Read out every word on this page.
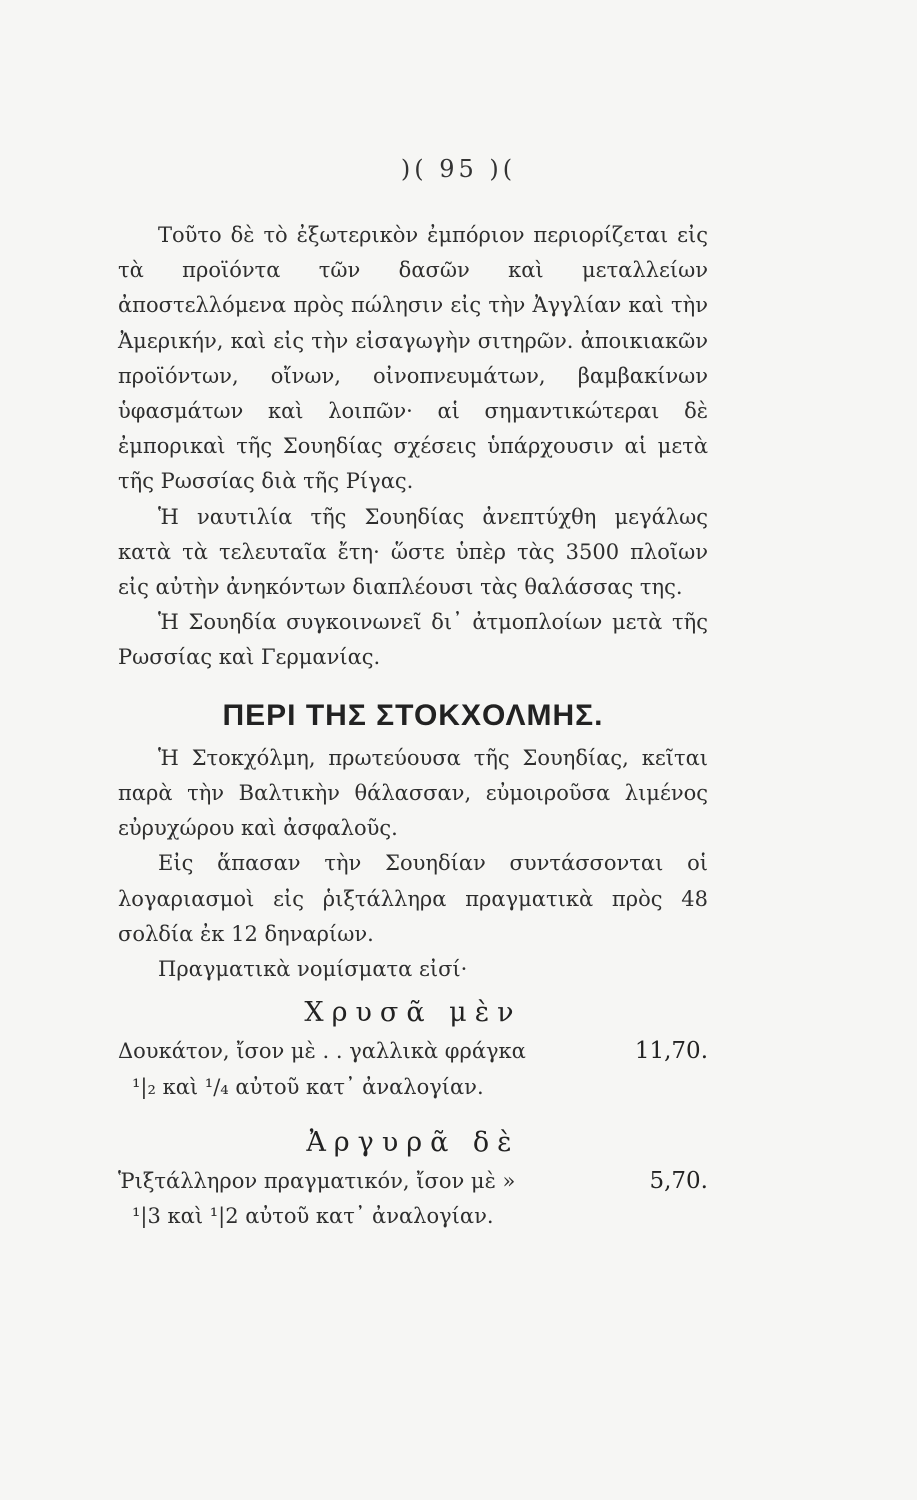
)( 95 )(

Τοῦτο δὲ τὸ ἐξωτερικὸν ἐμπόριον περιορίζεται εἰς τὰ προϊόντα τῶν δασῶν καὶ μεταλλείων ἀποστελλόμενα πρὸς πώλησιν εἰς τὴν Ἀγγλίαν καὶ τὴν Ἀμερικήν, καὶ εἰς τὴν εἰσαγωγὴν σιτηρῶν. ἀποικιακῶν προϊόντων, οἴνων, οἰνοπνευμάτων, βαμβακίνων ὑφασμάτων καὶ λοιπῶν· αἱ σημαντικώτεραι δὲ ἐμπορικαὶ τῆς Σουηδίας σχέσεις ὑπάρχουσιν αἱ μετὰ τῆς Ρωσσίας διὰ τῆς Ρίγας.

Ἡ ναυτιλία τῆς Σουηδίας ἀνεπτύχθη μεγάλως κατὰ τὰ τελευταῖα ἔτη· ὥστε ὑπὲρ τὰς 3500 πλοῖων εἰς αὐτὴν ἀνηκόντων διαπλέουσι τὰς θαλάσσας της.

Ἡ Σουηδία συγκοινωνεῖ δι᾽ ἀτμοπλοίων μετὰ τῆς Ρωσσίας καὶ Γερμανίας.

ΠΕΡΙ ΤΗΣ ΣΤΟΚΧΟΛΜΗΣ.

Ἡ Στοκχόλμη, πρωτεύουσα τῆς Σουηδίας, κεῖται παρὰ τὴν Βαλτικὴν θάλασσαν, εὐμοιροῦσα λιμένος εὐρυχώρου καὶ ἀσφαλοῦς.

Εἰς ἅπασαν τὴν Σουηδίαν συντάσσονται οἱ λογαριασμοὶ εἰς ῥιξτάλληρα πραγματικὰ πρὸς 48 σολδία ἐκ 12 δηναρίων.

Πραγματικὰ νομίσματα εἰσί·

Χρυσᾶ μὲν
Δουκάτον, ἴσον μὲ . . γαλλικὰ φράγκα	11,70.
¹|₂ καὶ ¹/₄ αὐτοῦ κατ᾽ ἀναλογίαν.
Ἀργυρᾶ δὲ
Ῥιξτάλληρον πραγματικόν, ἴσον μὲ »	5,70.
¹|3 καὶ ¹|2 αὐτοῦ κατ᾽ ἀναλογίαν.
